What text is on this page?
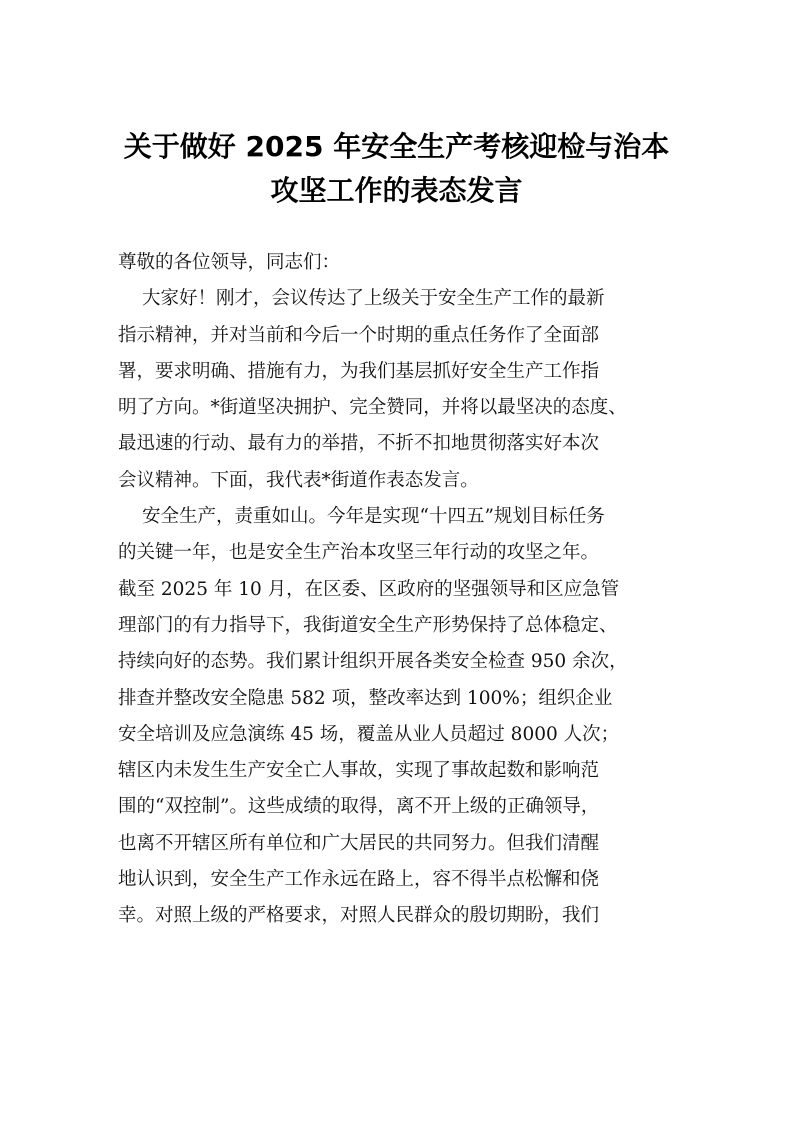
关于做好 2025 年安全生产考核迎检与治本
攻坚工作的表态发言
尊敬的各位领导，同志们：
大家好！刚才，会议传达了上级关于安全生产工作的最新
指示精神，并对当前和今后一个时期的重点任务作了全面部
署，要求明确、措施有力，为我们基层抓好安全生产工作指
明了方向。*街道坚决拥护、完全赞同，并将以最坚决的态度、
最迅速的行动、最有力的举措，不折不扣地贯彻落实好本次
会议精神。下面，我代表*街道作表态发言。
安全生产，责重如山。今年是实现“十四五”规划目标任务
的关键一年，也是安全生产治本攻坚三年行动的攻坚之年。
截至 2025 年 10 月，在区委、区政府的坚强领导和区应急管
理部门的有力指导下，我街道安全生产形势保持了总体稳定、
持续向好的态势。我们累计组织开展各类安全检查 950 余次，
排查并整改安全隐患 582 项，整改率达到 100%；组织企业
安全培训及应急演练 45 场，覆盖从业人员超过 8000 人次；
辖区内未发生生产安全亡人事故，实现了事故起数和影响范
围的“双控制”。这些成绩的取得，离不开上级的正确领导，
也离不开辖区所有单位和广大居民的共同努力。但我们清醒
地认识到，安全生产工作永远在路上，容不得半点松懈和侥
幸。对照上级的严格要求，对照人民群众的殷切期盼，我们
